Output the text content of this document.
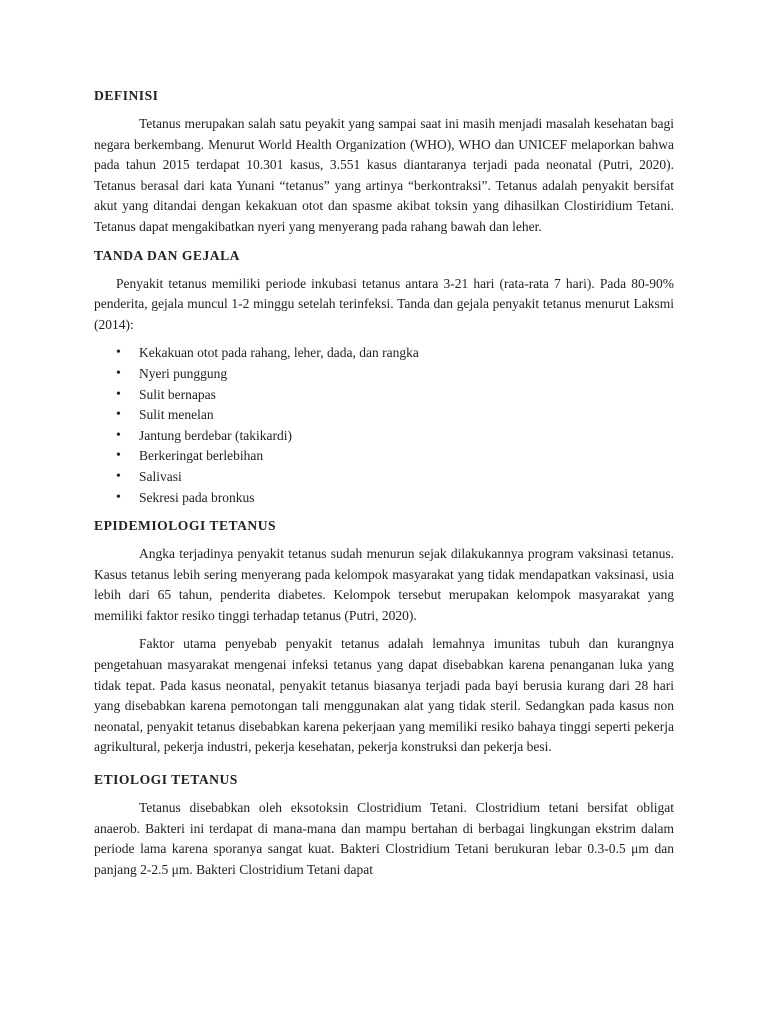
DEFINISI

Tetanus merupakan salah satu peyakit yang sampai saat ini masih menjadi masalah kesehatan bagi negara berkembang. Menurut World Health Organization (WHO), WHO dan UNICEF melaporkan bahwa pada tahun 2015 terdapat 10.301 kasus, 3.551 kasus diantaranya terjadi pada neonatal (Putri, 2020). Tetanus berasal dari kata Yunani “tetanus” yang artinya “berkontraksi”. Tetanus adalah penyakit bersifat akut yang ditandai dengan kekakuan otot dan spasme akibat toksin yang dihasilkan Clostiridium Tetani. Tetanus dapat mengakibatkan nyeri yang menyerang pada rahang bawah dan leher.

TANDA DAN GEJALA

Penyakit tetanus memiliki periode inkubasi tetanus antara 3-21 hari (rata-rata 7 hari). Pada 80-90% penderita, gejala muncul 1-2 minggu setelah terinfeksi. Tanda dan gejala penyakit tetanus menurut Laksmi (2014):

• Kekakuan otot pada rahang, leher, dada, dan rangka
• Nyeri punggung
• Sulit bernapas
• Sulit menelan
• Jantung berdebar (takikardi)
• Berkeringat berlebihan
• Salivasi
• Sekresi pada bronkus
EPIDEMIOLOGI TETANUS

Angka terjadinya penyakit tetanus sudah menurun sejak dilakukannya program vaksinasi tetanus. Kasus tetanus lebih sering menyerang pada kelompok masyarakat yang tidak mendapatkan vaksinasi, usia lebih dari 65 tahun, penderita diabetes. Kelompok tersebut merupakan kelompok masyarakat yang memiliki faktor resiko tinggi terhadap tetanus (Putri, 2020).

Faktor utama penyebab penyakit tetanus adalah lemahnya imunitas tubuh dan kurangnya pengetahuan masyarakat mengenai infeksi tetanus yang dapat disebabkan karena penanganan luka yang tidak tepat. Pada kasus neonatal, penyakit tetanus biasanya terjadi pada bayi berusia kurang dari 28 hari yang disebabkan karena pemotongan tali menggunakan alat yang tidak steril. Sedangkan pada kasus non neonatal, penyakit tetanus disebabkan karena pekerjaan yang memiliki resiko bahaya tinggi seperti pekerja agrikultural, pekerja industri, pekerja kesehatan, pekerja konstruksi dan pekerja besi.

ETIOLOGI TETANUS

Tetanus disebabkan oleh eksotoksin Clostridium Tetani. Clostridium tetani bersifat obligat anaerob. Bakteri ini terdapat di mana-mana dan mampu bertahan di berbagai lingkungan ekstrim dalam periode lama karena sporanya sangat kuat. Bakteri Clostridium Tetani berukuran lebar 0.3-0.5 μm dan panjang 2-2.5 μm. Bakteri Clostridium Tetani dapat
